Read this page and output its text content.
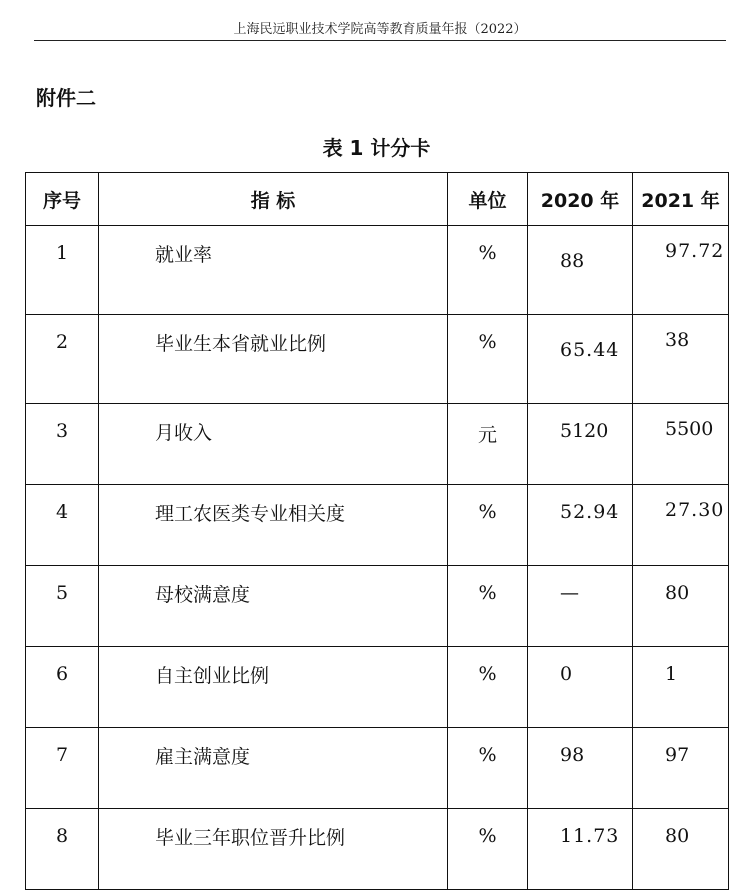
上海民远职业技术学院高等教育质量年报（2022）
附件二
表 1 计分卡
序号	指 标	单位	2020 年	2021 年
1	就业率	%	88	97.72
2	毕业生本省就业比例	%	65.44	38
3	月收入	元	5120	5500
4	理工农医类专业相关度	%	52.94	27.30
5	母校满意度	%	—	80
6	自主创业比例	%	0	1
7	雇主满意度	%	98	97
8	毕业三年职位晋升比例	%	11.73	80
